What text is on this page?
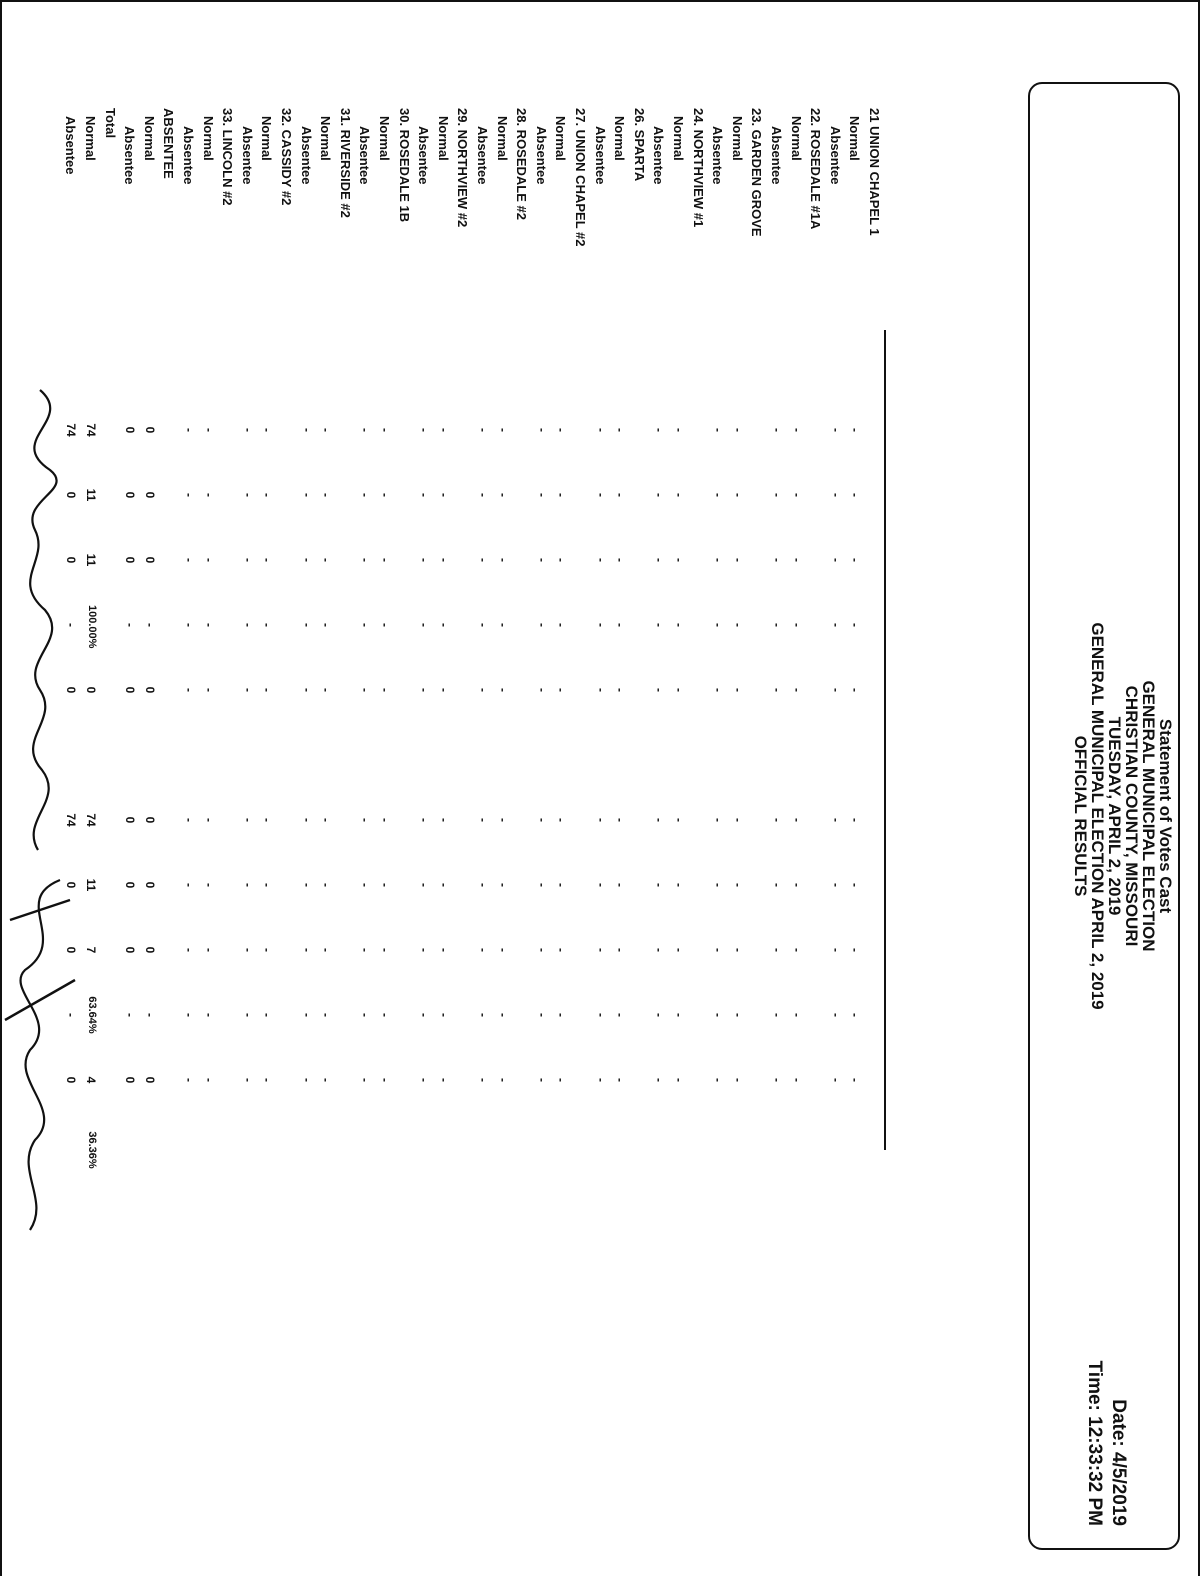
Statement of Votes Cast
GENERAL MUNICIPAL ELECTION
CHRISTIAN COUNTY, MISSOURI
TUESDAY, APRIL 2, 2019
GENERAL MUNICIPAL ELECTION APRIL 2, 2019
OFFICIAL RESULTS
Date: 4/5/2019
Time: 12:33:32 PM
21 UNION CHAPEL 1
Normal
-
-
-
-
-
-
-
-
-
-
Absentee
-
-
-
-
-
-
-
-
-
-
22. ROSEDALE #1A
Normal
-
-
-
-
-
-
-
-
-
-
Absentee
-
-
-
-
-
-
-
-
-
-
23. GARDEN GROVE
Normal
-
-
-
-
-
-
-
-
-
-
Absentee
-
-
-
-
-
-
-
-
-
-
24. NORTHVIEW #1
Normal
-
-
-
-
-
-
-
-
-
-
Absentee
-
-
-
-
-
-
-
-
-
-
26. SPARTA
Normal
-
-
-
-
-
-
-
-
-
-
Absentee
-
-
-
-
-
-
-
-
-
-
27. UNION CHAPEL #2
Normal
-
-
-
-
-
-
-
-
-
-
Absentee
-
-
-
-
-
-
-
-
-
-
28. ROSEDALE #2
Normal
-
-
-
-
-
-
-
-
-
-
Absentee
-
-
-
-
-
-
-
-
-
-
29. NORTHVIEW #2
Normal
-
-
-
-
-
-
-
-
-
-
Absentee
-
-
-
-
-
-
-
-
-
-
30. ROSEDALE 1B
Normal
-
-
-
-
-
-
-
-
-
-
Absentee
-
-
-
-
-
-
-
-
-
-
31. RIVERSIDE #2
Normal
-
-
-
-
-
-
-
-
-
-
Absentee
-
-
-
-
-
-
-
-
-
-
32. CASSIDY #2
Normal
-
-
-
-
-
-
-
-
-
-
Absentee
-
-
-
-
-
-
-
-
-
-
33. LINCOLN #2
Normal
-
-
-
-
-
-
-
-
-
-
Absentee
-
-
-
-
-
-
-
-
-
-
ABSENTEE
Normal
0
0
0
-
0
0
0
0
-
0
Absentee
0
0
0
-
0
0
0
0
-
0
Total
Normal
74
11
11
100.00%
0
74
11
7
63.64%
4
Absentee
74
0
0
-
0
74
0
0
-
0
36.36%
